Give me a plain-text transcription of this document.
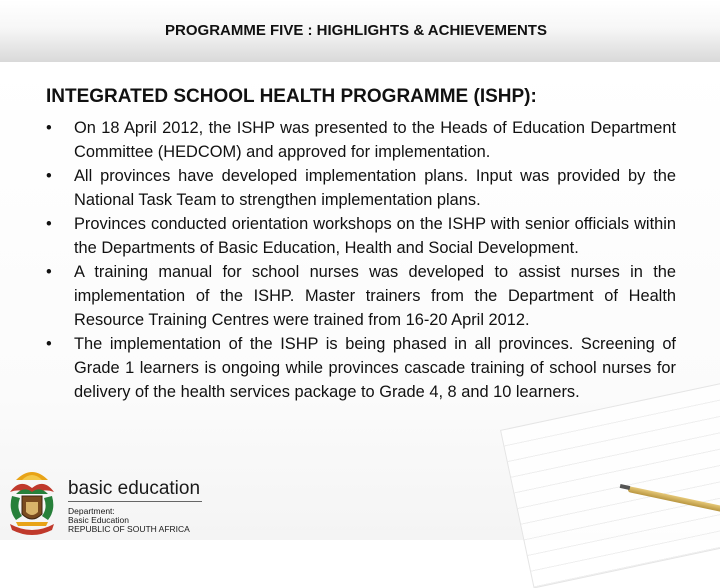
PROGRAMME FIVE : HIGHLIGHTS & ACHIEVEMENTS
INTEGRATED SCHOOL HEALTH PROGRAMME (ISHP):
•	On 18 April 2012, the ISHP was presented to the Heads of Education Department Committee (HEDCOM) and approved for implementation.
•	All provinces have developed implementation plans. Input was provided by the National Task Team to strengthen implementation plans.
•	Provinces conducted orientation workshops on the ISHP with senior officials within the Departments of Basic Education, Health and Social Development.
•	A training manual for school nurses was developed to assist nurses in the implementation of the ISHP. Master trainers from the Department of Health Resource Training Centres were trained from 16-20 April 2012.
•	The implementation of the ISHP is being phased in all provinces. Screening of Grade 1 learners is ongoing while provinces cascade training of school nurses for delivery of the health services package to Grade 4, 8 and 10 learners.
basic education
Department:
Basic Education
REPUBLIC OF SOUTH AFRICA
